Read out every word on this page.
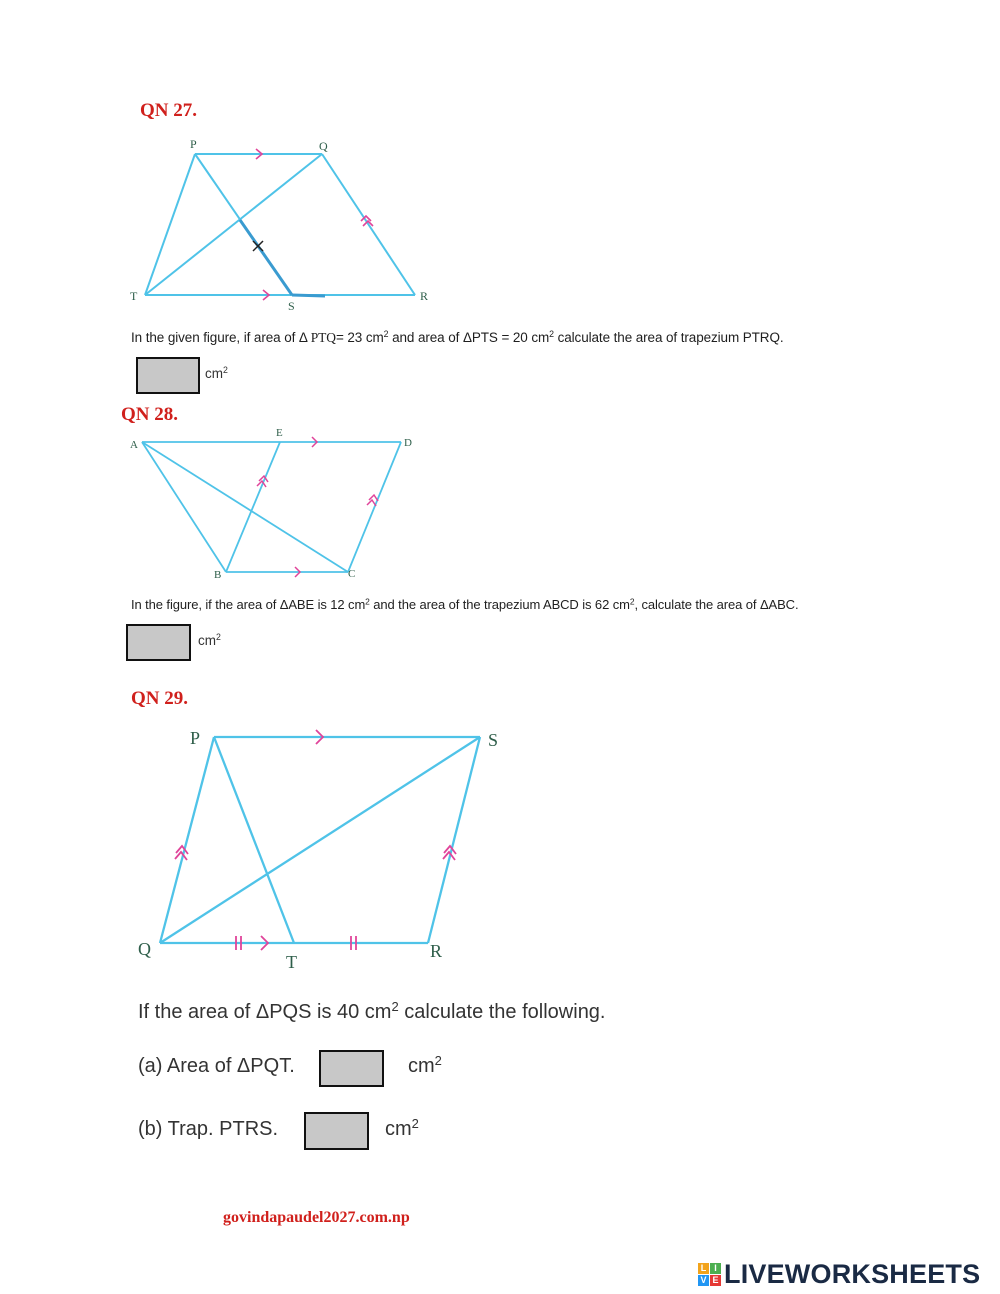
QN 27.
P	Q
T
S
R
In the given figure, if area of Δ PTQ= 23 $cm^2$ and area of ΔPTS = 20 $cm^2$ calculate the area of trapezium PTRQ.
$cm^2$
QN 28.
A
E
D
B	C
In the figure, if the area of ΔABE is 12 $cm^2$ and the area of the trapezium ABCD is 62 $cm^2$, calculate the area of ΔABC.
$cm^2$
QN 29.
P	S
Q
T
R
If the area of ΔPQS is 40 $cm^2$ calculate the following.
(a) Area of ΔPQT.	$cm^2$
(b) Trap. PTRS.	$cm^2$
govindapaudel2027.com.np
L I
V E LIVEWORKSHEETS
